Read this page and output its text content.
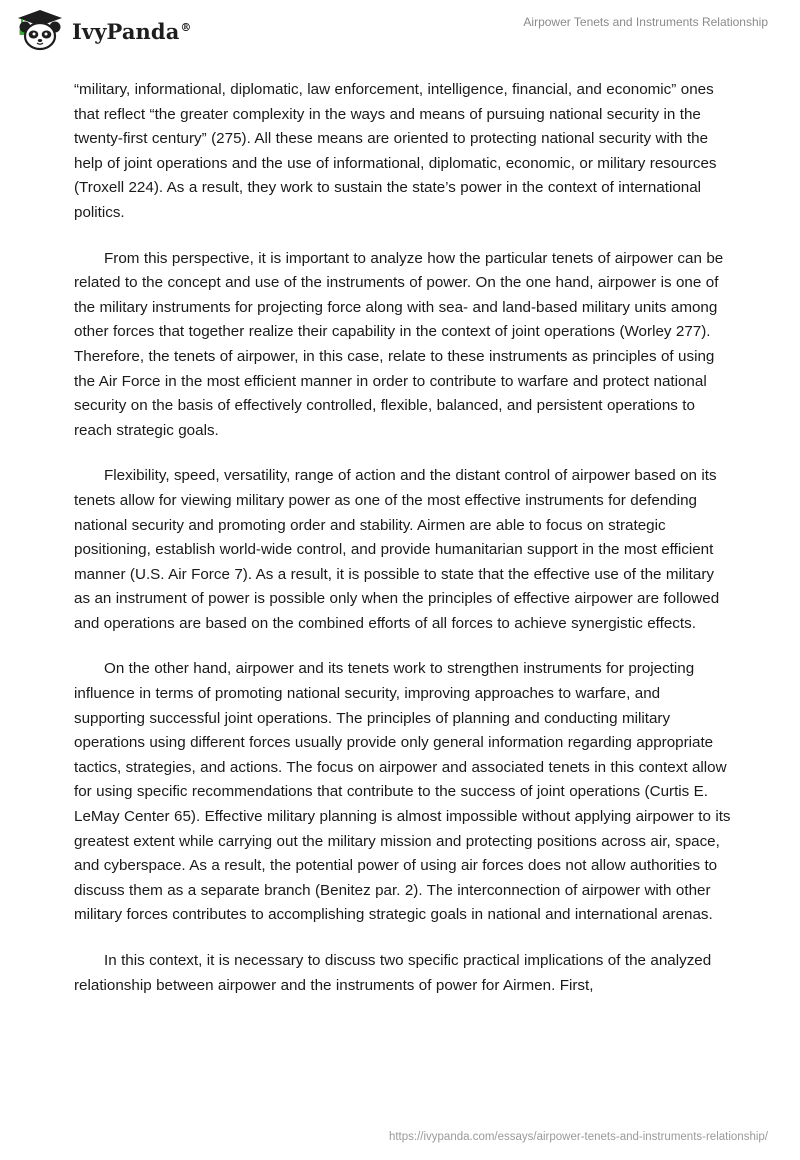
IvyPanda®	Airpower Tenets and Instruments Relationship

“military, informational, diplomatic, law enforcement, intelligence, financial, and economic” ones that reflect “the greater complexity in the ways and means of pursuing national security in the twenty-first century” (275). All these means are oriented to protecting national security with the help of joint operations and the use of informational, diplomatic, economic, or military resources (Troxell 224). As a result, they work to sustain the state’s power in the context of international politics.

From this perspective, it is important to analyze how the particular tenets of airpower can be related to the concept and use of the instruments of power. On the one hand, airpower is one of the military instruments for projecting force along with sea- and land-based military units among other forces that together realize their capability in the context of joint operations (Worley 277). Therefore, the tenets of airpower, in this case, relate to these instruments as principles of using the Air Force in the most efficient manner in order to contribute to warfare and protect national security on the basis of effectively controlled, flexible, balanced, and persistent operations to reach strategic goals.

Flexibility, speed, versatility, range of action and the distant control of airpower based on its tenets allow for viewing military power as one of the most effective instruments for defending national security and promoting order and stability. Airmen are able to focus on strategic positioning, establish world-wide control, and provide humanitarian support in the most efficient manner (U.S. Air Force 7). As a result, it is possible to state that the effective use of the military as an instrument of power is possible only when the principles of effective airpower are followed and operations are based on the combined efforts of all forces to achieve synergistic effects.

On the other hand, airpower and its tenets work to strengthen instruments for projecting influence in terms of promoting national security, improving approaches to warfare, and supporting successful joint operations. The principles of planning and conducting military operations using different forces usually provide only general information regarding appropriate tactics, strategies, and actions. The focus on airpower and associated tenets in this context allow for using specific recommendations that contribute to the success of joint operations (Curtis E. LeMay Center 65). Effective military planning is almost impossible without applying airpower to its greatest extent while carrying out the military mission and protecting positions across air, space, and cyberspace. As a result, the potential power of using air forces does not allow authorities to discuss them as a separate branch (Benitez par. 2). The interconnection of airpower with other military forces contributes to accomplishing strategic goals in national and international arenas.

In this context, it is necessary to discuss two specific practical implications of the analyzed relationship between airpower and the instruments of power for Airmen. First,

https://ivypanda.com/essays/airpower-tenets-and-instruments-relationship/
